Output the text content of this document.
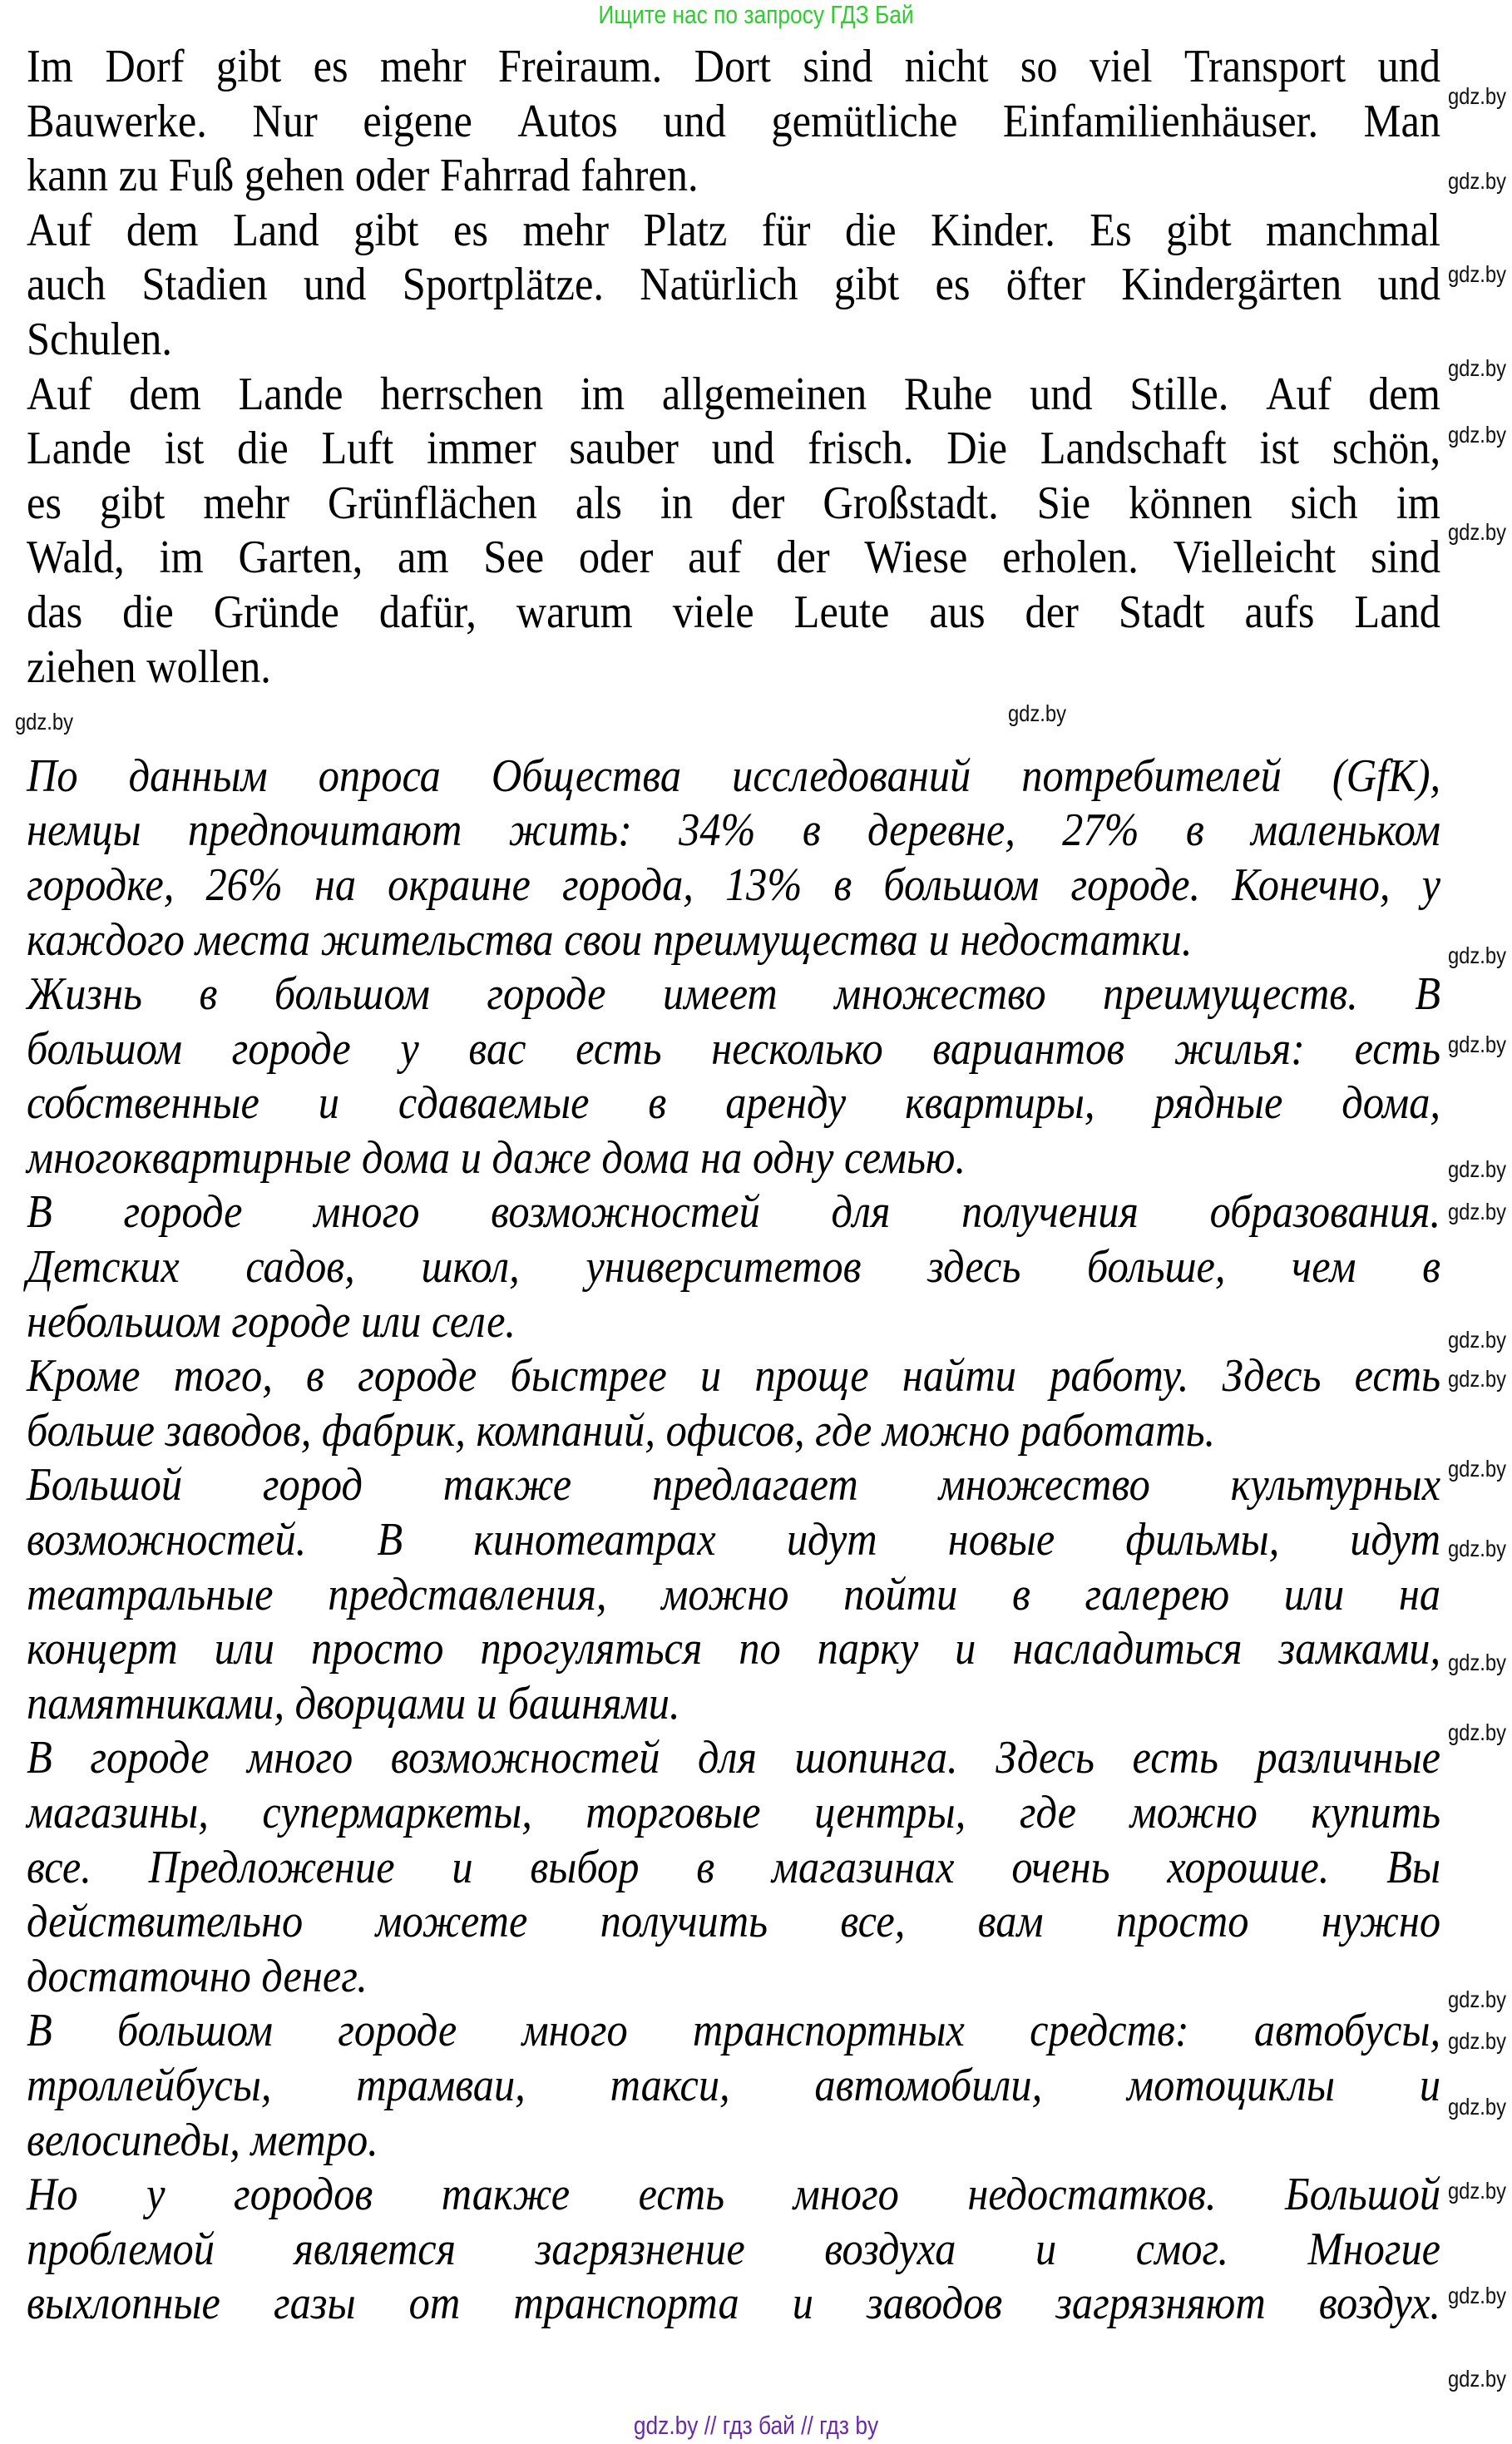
Ищите нас по запросу ГДЗ Бай
Im Dorf gibt es mehr Freiraum. Dort sind nicht so viel Transport und
Bauwerke. Nur eigene Autos und gemütliche Einfamilienhäuser. Man
kann zu Fuß gehen oder Fahrrad fahren.
Auf dem Land gibt es mehr Platz für die Kinder. Es gibt manchmal
auch Stadien und Sportplätze. Natürlich gibt es öfter Kindergärten und
Schulen.
Auf dem Lande herrschen im allgemeinen Ruhe und Stille. Auf dem
Lande ist die Luft immer sauber und frisch. Die Landschaft ist schön,
es gibt mehr Grünflächen als in der Großstadt. Sie können sich im
Wald, im Garten, am See oder auf der Wiese erholen. Vielleicht sind
das die Gründe dafür, warum viele Leute aus der Stadt aufs Land
ziehen wollen.
По данным опроса Общества исследований потребителей (GfK),
немцы предпочитают жить: 34% в деревне, 27% в маленьком
городке, 26% на окраине города, 13% в большом городе. Конечно, у
каждого места жительства свои преимущества и недостатки.
Жизнь в большом городе имеет множество преимуществ. В
большом городе у вас есть несколько вариантов жилья: есть
собственные и сдаваемые в аренду квартиры, рядные дома,
многоквартирные дома и даже дома на одну семью.
В городе много возможностей для получения образования.
Детских садов, школ, университетов здесь больше, чем в
небольшом городе или селе.
Кроме того, в городе быстрее и проще найти работу. Здесь есть
больше заводов, фабрик, компаний, офисов, где можно работать.
Большой город также предлагает множество культурных
возможностей. В кинотеатрах идут новые фильмы, идут
театральные представления, можно пойти в галерею или на
концерт или просто прогуляться по парку и насладиться замками,
памятниками, дворцами и башнями.
В городе много возможностей для шопинга. Здесь есть различные
магазины, супермаркеты, торговые центры, где можно купить
все. Предложение и выбор в магазинах очень хорошие. Вы
действительно можете получить все, вам просто нужно
достаточно денег.
В большом городе много транспортных средств: автобусы,
троллейбусы, трамваи, такси, автомобили, мотоциклы и
велосипеды, метро.
Но у городов также есть много недостатков. Большой
проблемой является загрязнение воздуха и смог. Многие
выхлопные газы от транспорта и заводов загрязняют воздух.
gdz.by
gdz.by
gdz.by
gdz.by
gdz.by
gdz.by
gdz.by
gdz.by
gdz.by
gdz.by
gdz.by
gdz.by
gdz.by
gdz.by
gdz.by
gdz.by
gdz.by
gdz.by
gdz.by
gdz.by
gdz.by
gdz.by
gdz.by
gdz.by
gdz.by // гдз бай // гдз by
